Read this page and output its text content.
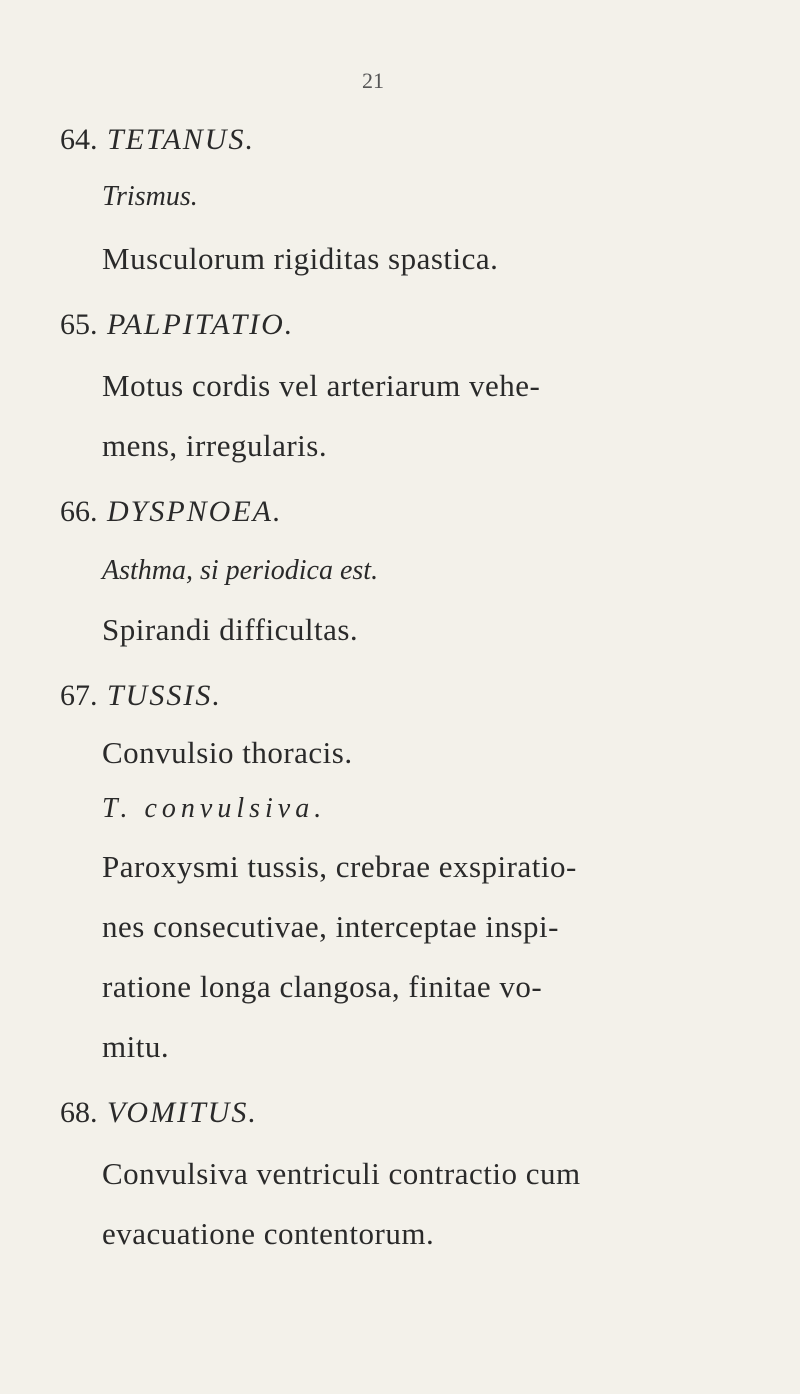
21
64. TETANUS.
Trismus.
Musculorum rigiditas spastica.
65. PALPITATIO.
Motus cordis vel arteriarum vehe-
mens, irregularis.
66. DYSPNOEA.
Asthma, si periodica est.
Spirandi difficultas.
67. TUSSIS.
Convulsio thoracis.
T. convulsiva.
Paroxysmi tussis, crebrae exspiratio-
nes consecutivae, interceptae inspi-
ratione longa clangosa, finitae vo-
mitu.
68. VOMITUS.
Convulsiva ventriculi contractio cum
evacuatione contentorum.
